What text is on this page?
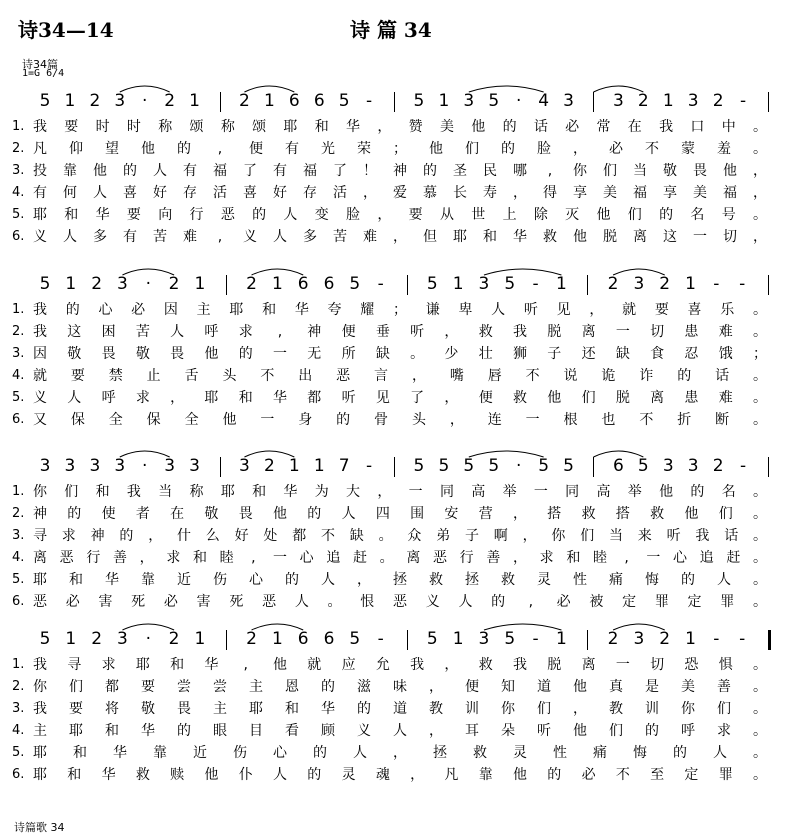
诗34—14	诗 篇 34
诗34篇
1=G 6/4
5 1 2 3 · 2 1 2 1 6 6 5 - 5 1 3 5 · 4 3 3 2 1 3 2 -
1. 我 要 时 时 称 颂 称 颂 耶 和 华 ， 赞 美 他 的 话 必 常 在 我 口 中 。
2. 凡 仰 望 他 的 , 便 有 光 荣 ； 他 们 的 脸 ， 必 不 蒙 羞 。
3. 投 靠 他 的 人 有 福 了 有 福 了 ！ 神 的 圣 民 哪 , 你 们 当 敬 畏 他 ，
4. 有 何 人 喜 好 存 活 喜 好 存 活 ， 爱 慕 长 寿 ， 得 享 美 福 享 美 福 ，
5. 耶 和 华 要 向 行 恶 的 人 变 脸 ， 要 从 世 上 除 灭 他 们 的 名 号 。
6. 义 人 多 有 苦 难 , 义 人 多 苦 难 ， 但 耶 和 华 救 他 脱 离 这 一 切 ，
5 1 2 3 · 2 1 2 1 6 6 5 -	5 1 3 5 - 1 2 3 2 1 - -
1. 我 的 心 必 因 主 耶 和 华 夸 耀 ； 谦 卑 人 听 见 ， 就 要 喜 乐 。
2. 我 这 困 苦 人 呼 求 , 神 便 垂 听 ， 救 我 脱 离 一 切 患 难 。
3. 因 敬 畏 敬 畏 他 的 一 无 所 缺 。 少 壮 狮 子 还 缺 食 忍 饿 ；
4. 就 要 禁 止 舌 头 不 出 恶 言 ， 嘴 唇 不 说 诡 诈 的 话 。
5. 义 人 呼 求 ， 耶 和 华 都 听 见 了 ， 便 救 他 们 脱 离 患 难 。
6. 又 保 全 保 全 他 一 身 的 骨 头 ， 连 一 根 也 不 折 断 。
3 3 3 3 · 3 3 3 2 1 1 7 - 5 5 5 5 · 5 5 6 5 3 3 2 -
1. 你 们 和 我 当 称 耶 和 华 为 大 ， 一 同 高 举 一 同 高 举 他 的 名 。
2. 神 的 使 者 在 敬 畏 他 的 人 四 围 安 营 ， 搭 救 搭 救 他 们 。
3. 寻 求 神 的 ， 什 么 好 处 都 不 缺 。 众 弟 子 啊 ， 你 们 当 来 听 我 话 。
4. 离 恶 行 善 ， 求 和 睦 , 一 心 追 赶 。 离 恶 行 善 ， 求 和 睦 , 一 心 追 赶 。
5. 耶 和 华 靠 近 伤 心 的 人 ， 拯 救 拯 救 灵 性 痛 悔 的 人 。
6. 恶 必 害 死 必 害 死 恶 人 。 恨 恶 义 人 的 , 必 被 定 罪 定 罪 。
5 1 2 3 · 2 1 2 1 6 6 5 -	5 1 3 5 - 1 2 3 2 1 - -
1. 我 寻 求 耶 和 华 , 他 就 应 允 我 ， 救 我 脱 离 一 切 恐 惧 。
2. 你 们 都 要 尝 尝 主 恩 的 滋 味 ， 便 知 道 他 真 是 美 善 。
3. 我 要 将 敬 畏 主 耶 和 华 的 道 教 训 你 们 ， 教 训 你 们 。
4. 主 耶 和 华 的 眼 目 看 顾 义 人 ， 耳 朵 听 他 们 的 呼 求 。
5. 耶 和 华 靠 近 伤 心 的 人 ， 拯 救 灵 性 痛 悔 的 人 。
6. 耶 和 华 救 赎 他 仆 人 的 灵 魂 ， 凡 靠 他 的 必 不 至 定 罪 。
诗篇歌 34
